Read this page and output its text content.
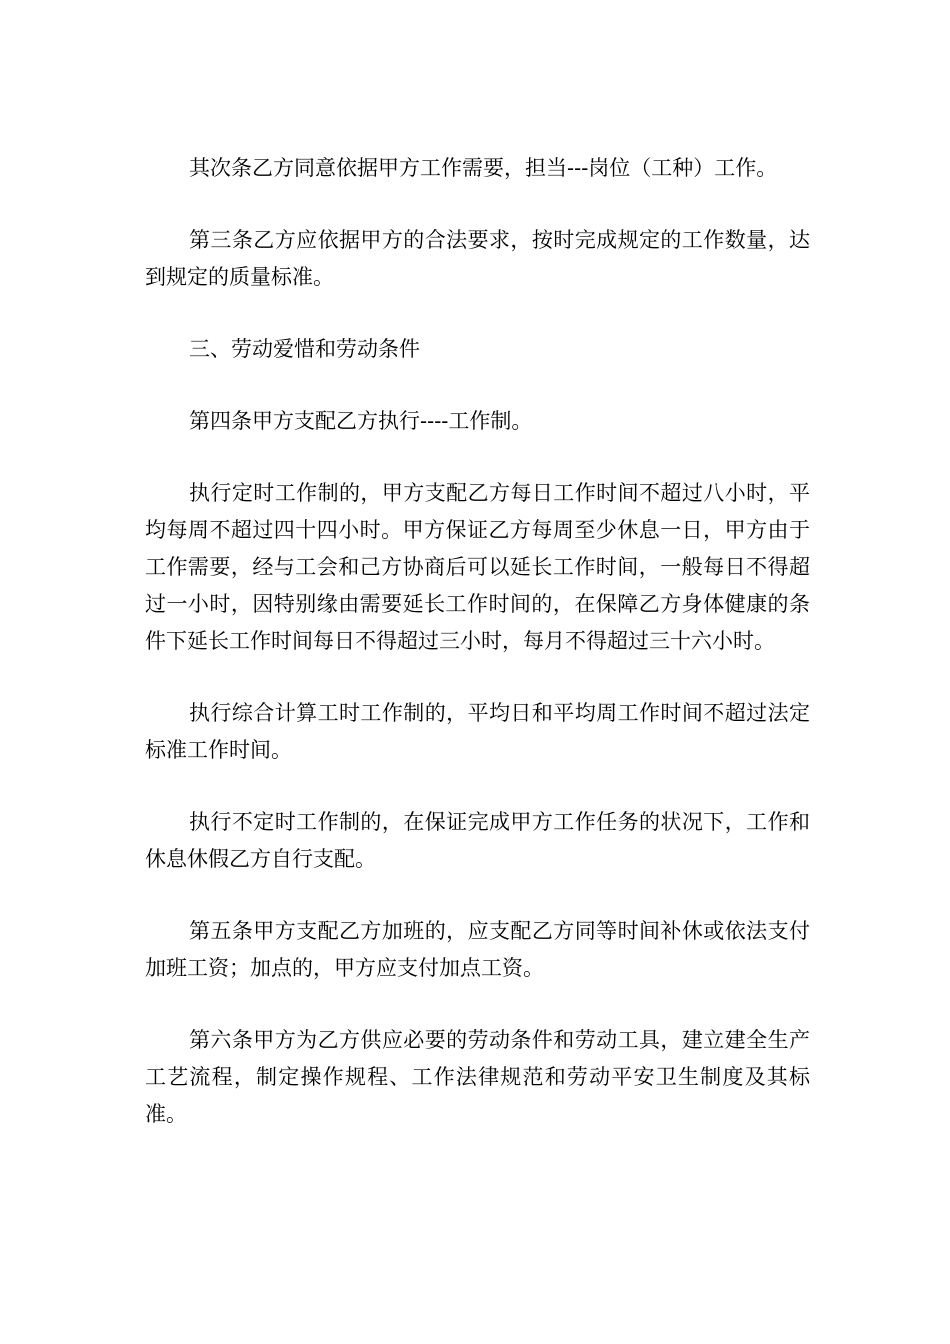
其次条乙方同意依据甲方工作需要，担当---岗位（工种）工作。

第三条乙方应依据甲方的合法要求，按时完成规定的工作数量，达到规定的质量标准。

三、劳动爱惜和劳动条件

第四条甲方支配乙方执行----工作制。

执行定时工作制的，甲方支配乙方每日工作时间不超过八小时，平均每周不超过四十四小时。甲方保证乙方每周至少休息一日，甲方由于工作需要，经与工会和己方协商后可以延长工作时间，一般每日不得超过一小时，因特别缘由需要延长工作时间的，在保障乙方身体健康的条件下延长工作时间每日不得超过三小时，每月不得超过三十六小时。

执行综合计算工时工作制的，平均日和平均周工作时间不超过法定标准工作时间。

执行不定时工作制的，在保证完成甲方工作任务的状况下，工作和休息休假乙方自行支配。

第五条甲方支配乙方加班的，应支配乙方同等时间补休或依法支付加班工资；加点的，甲方应支付加点工资。

第六条甲方为乙方供应必要的劳动条件和劳动工具，建立建全生产工艺流程，制定操作规程、工作法律规范和劳动平安卫生制度及其标准。
